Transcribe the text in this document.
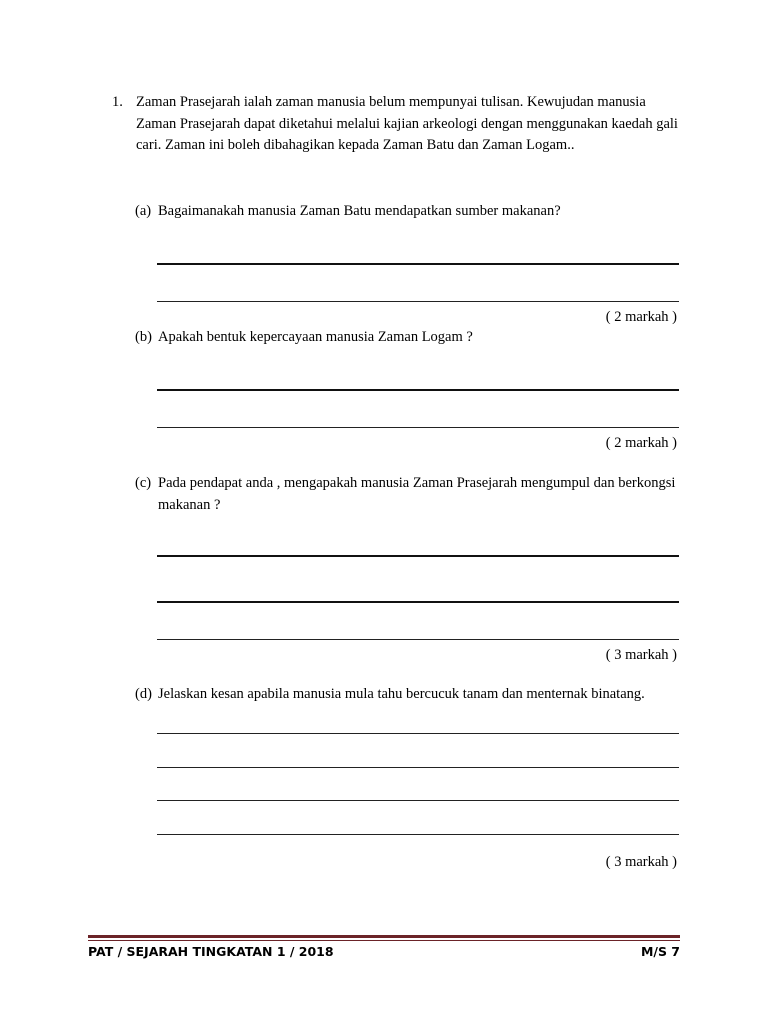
1. Zaman Prasejarah ialah zaman manusia belum mempunyai tulisan. Kewujudan manusia Zaman Prasejarah dapat diketahui melalui kajian arkeologi dengan menggunakan kaedah gali cari. Zaman ini boleh dibahagikan kepada Zaman Batu dan Zaman Logam..
(a) Bagaimanakah manusia Zaman Batu mendapatkan sumber makanan?
( 2 markah )
(b) Apakah bentuk kepercayaan manusia Zaman Logam ?
( 2 markah )
(c) Pada pendapat anda , mengapakah manusia Zaman Prasejarah mengumpul dan berkongsi makanan ?
( 3 markah )
(d) Jelaskan kesan apabila manusia mula tahu bercucuk tanam dan menternak binatang.
( 3 markah )
PAT / SEJARAH TINGKATAN 1 / 2018	M/S 7
